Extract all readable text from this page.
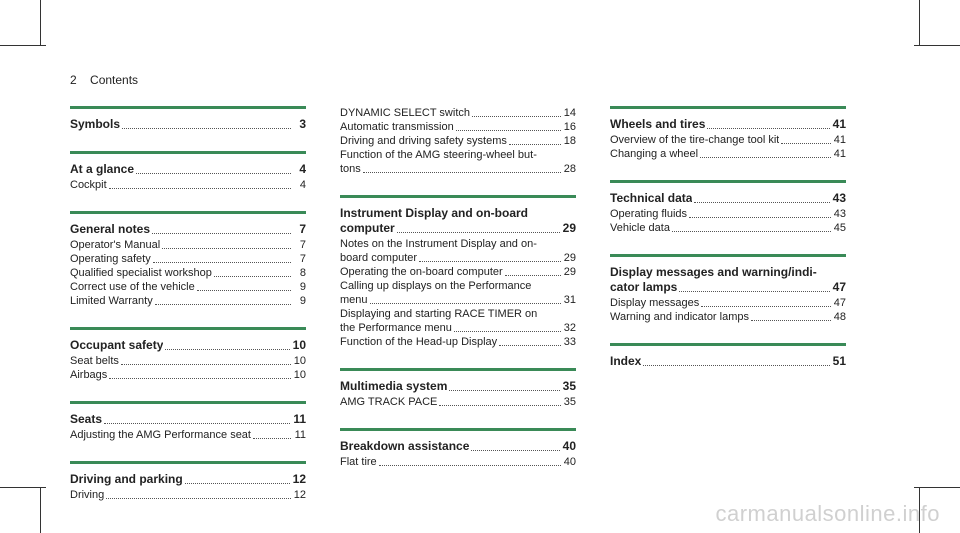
2 Contents
Symbols	3
At a glance	4
Cockpit	4
General notes	7
Operator's Manual	7
Operating safety	7
Qualified specialist workshop	8
Correct use of the vehicle	9
Limited Warranty	9
Occupant safety	10
Seat belts	10
Airbags	10
Seats	11
Adjusting the AMG Performance seat	11
Driving and parking	12
Driving	12
DYNAMIC SELECT switch	14
Automatic transmission	16
Driving and driving safety systems	18
Function of the AMG steering-wheel but-
tons	28
Instrument Display and on-board
computer	29
Notes on the Instrument Display and on-
board computer	29
Operating the on-board computer	29
Calling up displays on the Performance
menu	31
Displaying and starting RACE TIMER on
the Performance menu	32
Function of the Head-up Display	33
Multimedia system	35
AMG TRACK PACE	35
Breakdown assistance	40
Flat tire	40
Wheels and tires	41
Overview of the tire-change tool kit	41
Changing a wheel	41
Technical data	43
Operating fluids	43
Vehicle data	45
Display messages and warning/indi-
cator lamps	47
Display messages	47
Warning and indicator lamps	48
Index	51
carmanualsonline.info
